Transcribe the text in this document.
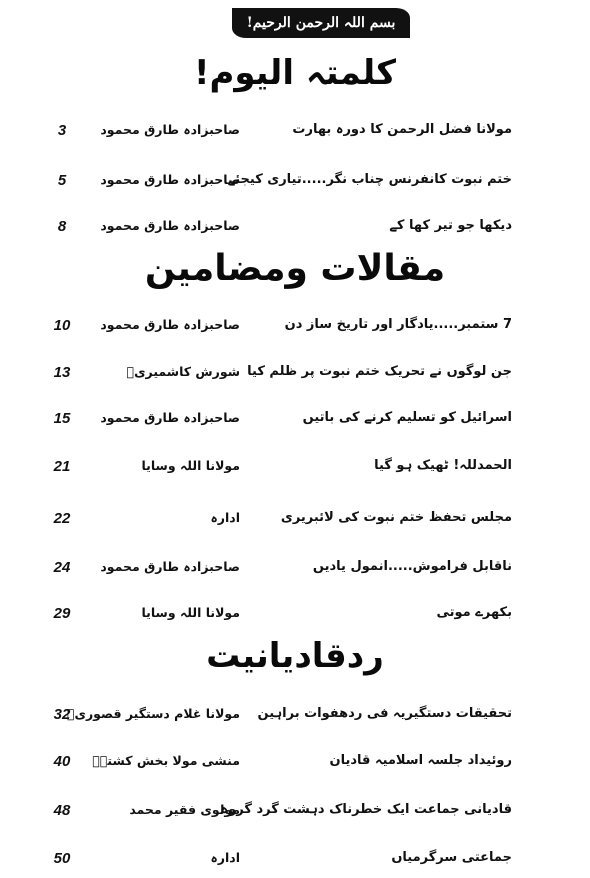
بسم اللہ الرحمن الرحیم!
کلمتہ الیوم!
مولانا فضل الرحمن کا دورہ بھارت
صاحبزادہ طارق محمود
3
ختم نبوت کانفرنس چناب نگر.....تیاری کیجئے
صاحبزادہ طارق محمود
5
دیکھا جو تیر کھا کے
صاحبزادہ طارق محمود
8
مقالات ومضامین
7 ستمبر.....یادگار اور تاریخ ساز دن
صاحبزادہ طارق محمود
10
جن لوگوں نے تحریک ختم نبوت پر ظلم کیا
شورش کاشمیریؒ
13
اسرائیل کو تسلیم کرنے کی باتیں
صاحبزادہ طارق محمود
15
الحمدللہ! ٹھیک ہو گیا
مولانا اللہ وسایا
21
مجلس تحفظ ختم نبوت کی لائبریری
ادارہ
22
ناقابل فراموش.....انمول یادیں
صاحبزادہ طارق محمود
24
بکھرے موتی
مولانا اللہ وسایا
29
ردقادیانیت
تحقیقات دستگیریہ فی ردھفوات براہین
مولانا غلام دستگیر قصوریؒ
32
روئیداد جلسہ اسلامیہ قادیان
منشی مولا بخش کشتہؒ
40
قادیانی جماعت ایک خطرناک دہشت گرد گروہ
مولوی فقیر محمد
48
جماعتی سرگرمیاں
ادارہ
50
